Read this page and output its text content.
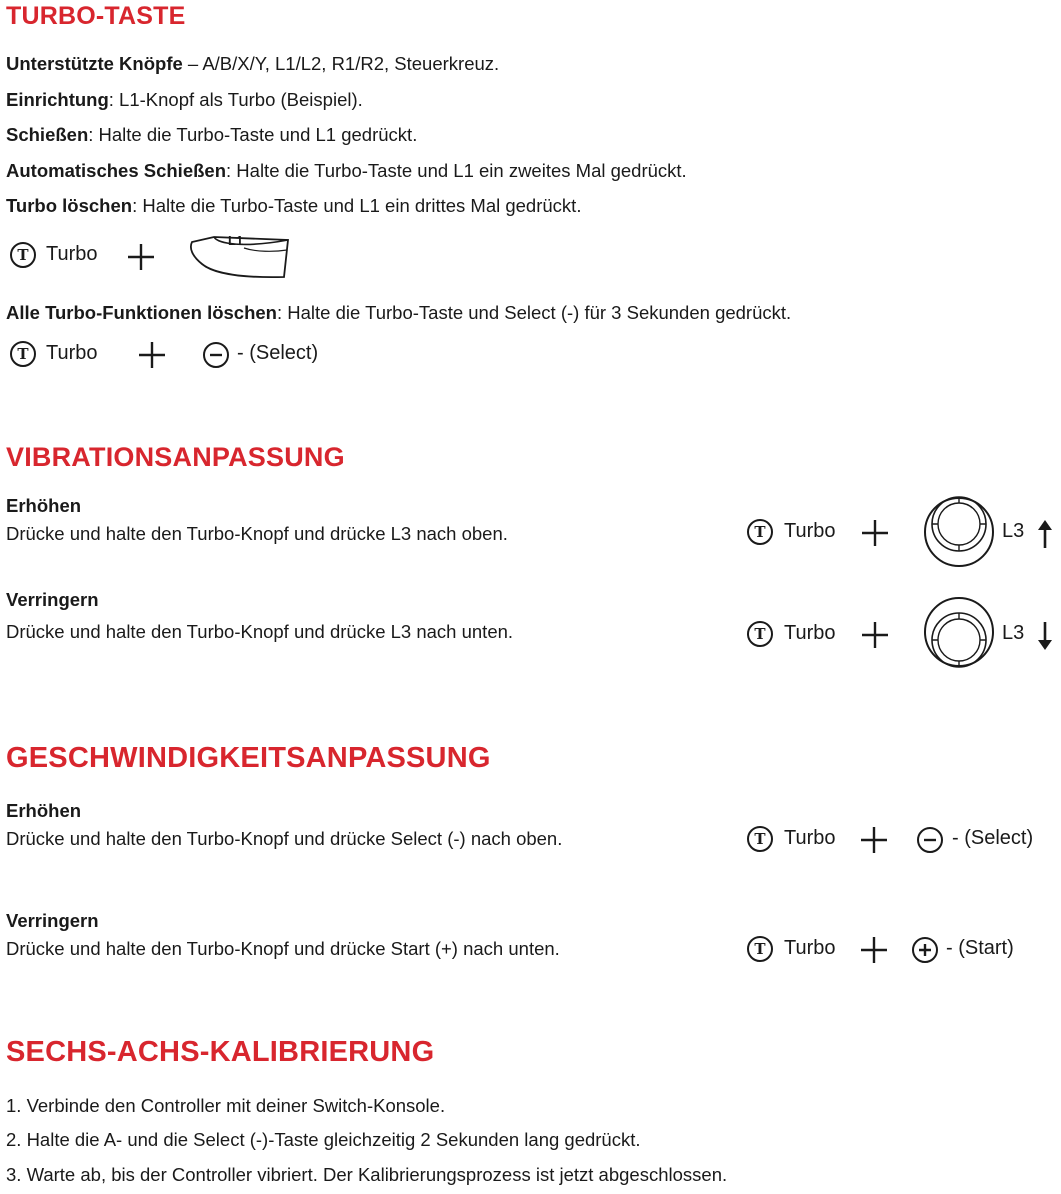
TURBO-TASTE
Unterstützte Knöpfe – A/B/X/Y, L1/L2, R1/R2, Steuerkreuz.
Einrichtung: L1-Knopf als Turbo (Beispiel).
Schießen: Halte die Turbo-Taste und L1 gedrückt.
Automatisches Schießen: Halte die Turbo-Taste und L1 ein zweites Mal gedrückt.
Turbo löschen: Halte die Turbo-Taste und L1 ein drittes Mal gedrückt.
T Turbo
L1
Alle Turbo-Funktionen löschen: Halte die Turbo-Taste und Select (-) für 3 Sekunden gedrückt.
T Turbo	- (Select)
VIBRATIONSANPASSUNG
Erhöhen
Drücke und halte den Turbo-Knopf und drücke L3 nach oben.	T Turbo	L3
Verringern
Drücke und halte den Turbo-Knopf und drücke L3 nach unten.	T Turbo	L3
GESCHWINDIGKEITSANPASSUNG
Erhöhen
Drücke und halte den Turbo-Knopf und drücke Select (-) nach oben.	T Turbo	- (Select)
Verringern
Drücke und halte den Turbo-Knopf und drücke Start (+) nach unten.	T Turbo	- (Start)
SECHS-ACHS-KALIBRIERUNG
1. Verbinde den Controller mit deiner Switch-Konsole.
2. Halte die A- und die Select (-)-Taste gleichzeitig 2 Sekunden lang gedrückt.
3. Warte ab, bis der Controller vibriert. Der Kalibrierungsprozess ist jetzt abgeschlossen.
